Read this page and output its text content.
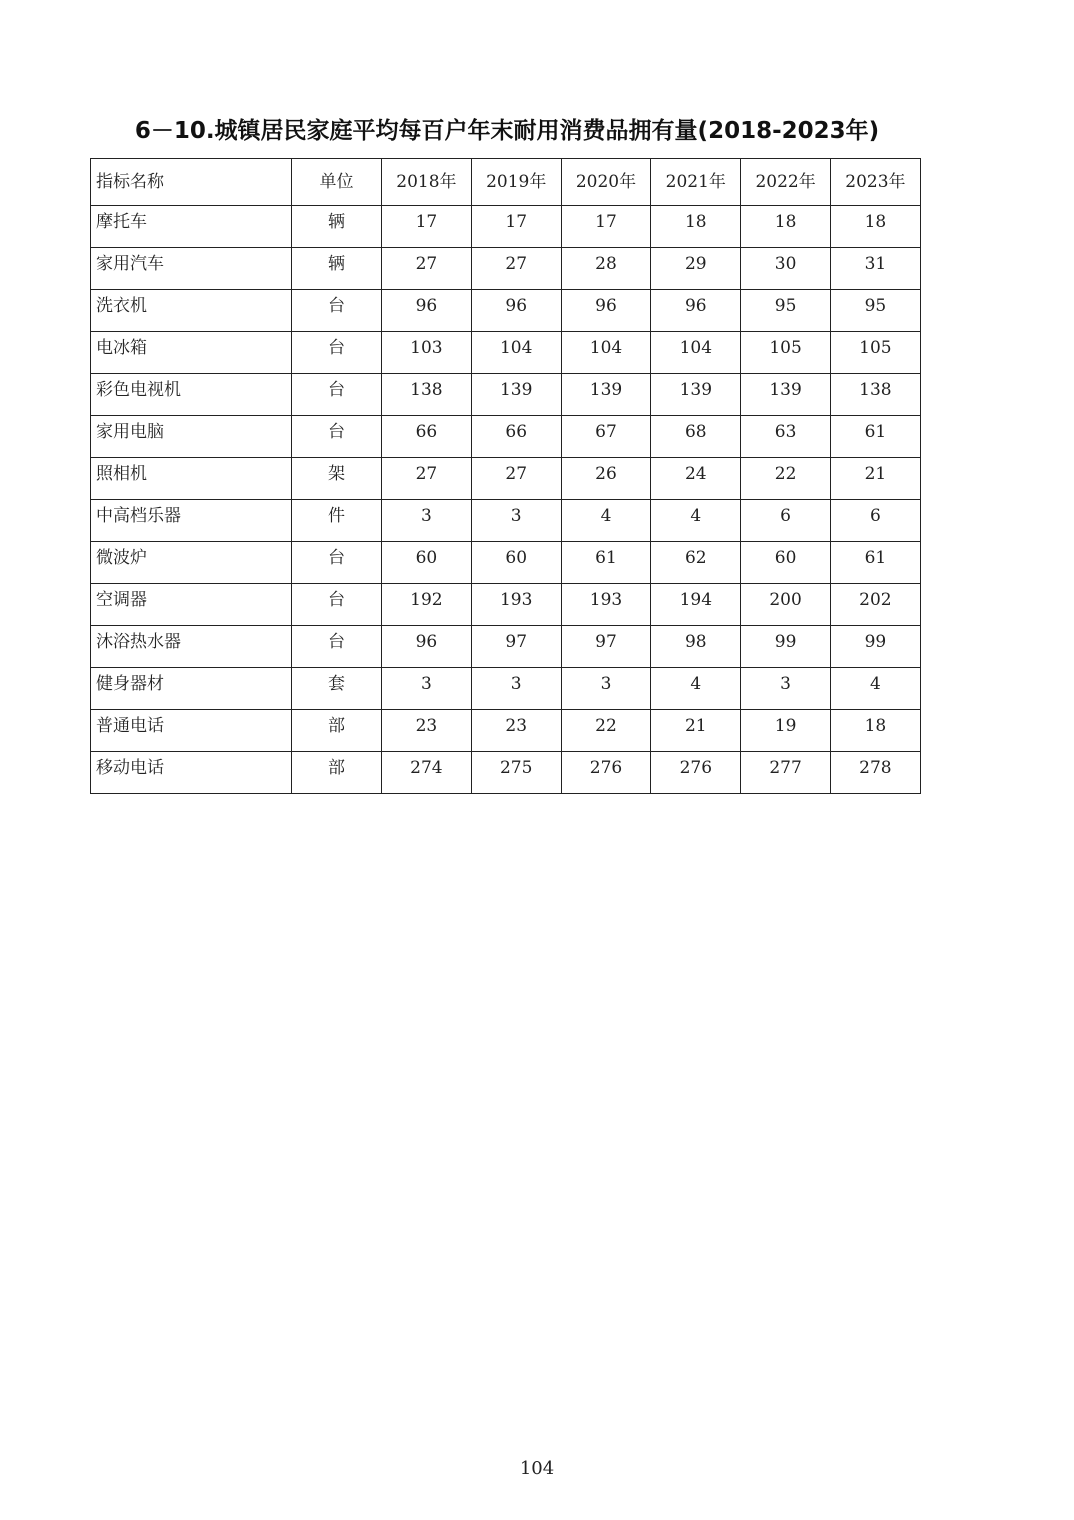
6－10.城镇居民家庭平均每百户年末耐用消费品拥有量(2018-2023年)
指标名称	单位	2018年	2019年	2020年	2021年	2022年	2023年
摩托车	辆	17	17	17	18	18	18
家用汽车	辆	27	27	28	29	30	31
洗衣机	台	96	96	96	96	95	95
电冰箱	台	103	104	104	104	105	105
彩色电视机	台	138	139	139	139	139	138
家用电脑	台	66	66	67	68	63	61
照相机	架	27	27	26	24	22	21
中高档乐器	件	3	3	4	4	6	6
微波炉	台	60	60	61	62	60	61
空调器	台	192	193	193	194	200	202
沐浴热水器	台	96	97	97	98	99	99
健身器材	套	3	3	3	4	3	4
普通电话	部	23	23	22	21	19	18
移动电话	部	274	275	276	276	277	278
104
